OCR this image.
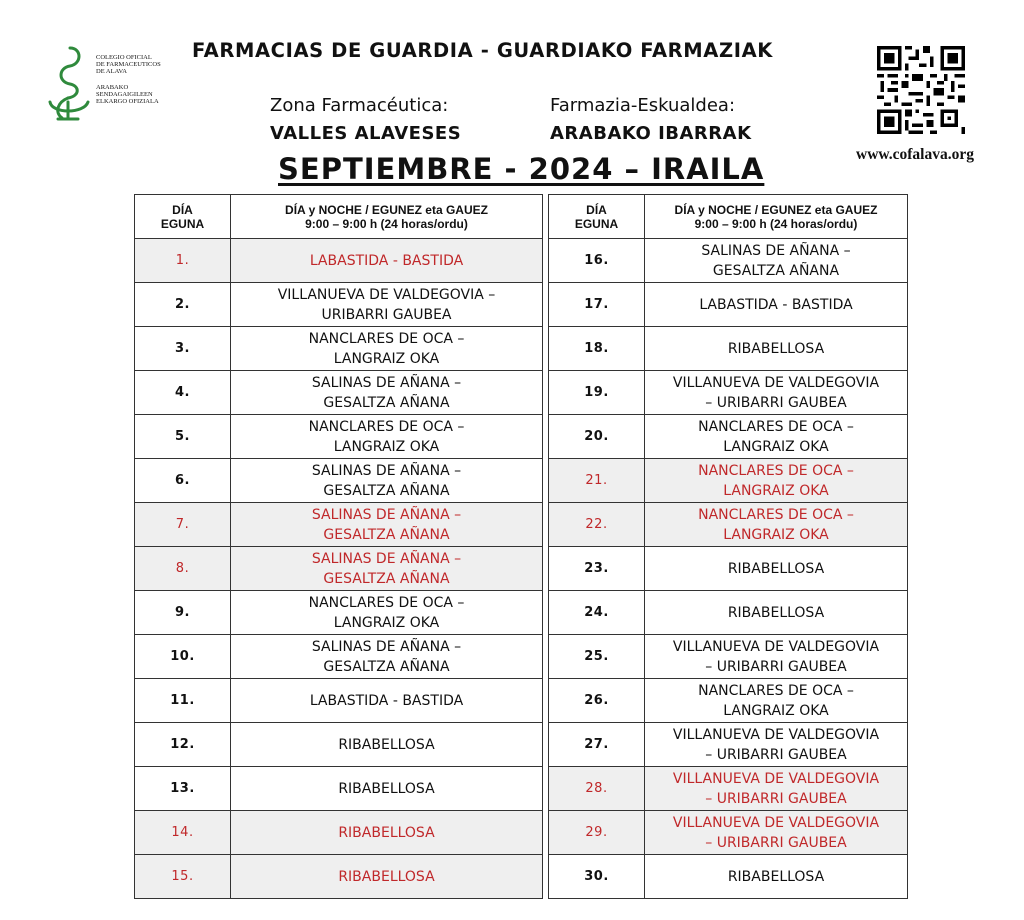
COLEGIO OFICIAL
DE FARMACEUTICOS
DE ALAVA
ARABAKO
SENDAGAIGILEEN
ELKARGO OFIZIALA
FARMACIAS DE GUARDIA - GUARDIAKO FARMAZIAK
Zona Farmacéutica:	Farmazia-Eskualdea:
VALLES ALAVESES	ARABAKO IBARRAK
SEPTIEMBRE - 2024 – IRAILA	www.cofalava.org
DÍA
EGUNA	DÍA y NOCHE / EGUNEZ eta GAUEZ
9:00 – 9:00 h (24 horas/ordu)
1.	LABASTIDA - BASTIDA

2.	VILLANUEVA DE VALDEGOVIA –
URIBARRI GAUBEA

3.	NANCLARES DE OCA –
LANGRAIZ OKA

4.	SALINAS DE AÑANA –
GESALTZA AÑANA

5.	NANCLARES DE OCA –
LANGRAIZ OKA

6.	SALINAS DE AÑANA –
GESALTZA AÑANA

7.	SALINAS DE AÑANA –
GESALTZA AÑANA

8.	SALINAS DE AÑANA –
GESALTZA AÑANA

9.	NANCLARES DE OCA –
LANGRAIZ OKA

10.	SALINAS DE AÑANA –
GESALTZA AÑANA

11.	LABASTIDA - BASTIDA

12.	RIBABELLOSA

13.	RIBABELLOSA

14.	RIBABELLOSA

15.	RIBABELLOSA
DÍA
EGUNA	DÍA y NOCHE / EGUNEZ eta GAUEZ
9:00 – 9:00 h (24 horas/ordu)
16.	SALINAS DE AÑANA –
GESALTZA AÑANA

17.	LABASTIDA - BASTIDA

18.	RIBABELLOSA

19.	VILLANUEVA DE VALDEGOVIA
– URIBARRI GAUBEA

20.	NANCLARES DE OCA –
LANGRAIZ OKA

21.	NANCLARES DE OCA –
LANGRAIZ OKA

22.	NANCLARES DE OCA –
LANGRAIZ OKA

23.	RIBABELLOSA

24.	RIBABELLOSA

25.	VILLANUEVA DE VALDEGOVIA
– URIBARRI GAUBEA

26.	NANCLARES DE OCA –
LANGRAIZ OKA

27.	VILLANUEVA DE VALDEGOVIA
– URIBARRI GAUBEA

28.	VILLANUEVA DE VALDEGOVIA
– URIBARRI GAUBEA

29.	VILLANUEVA DE VALDEGOVIA
– URIBARRI GAUBEA

30.	RIBABELLOSA
